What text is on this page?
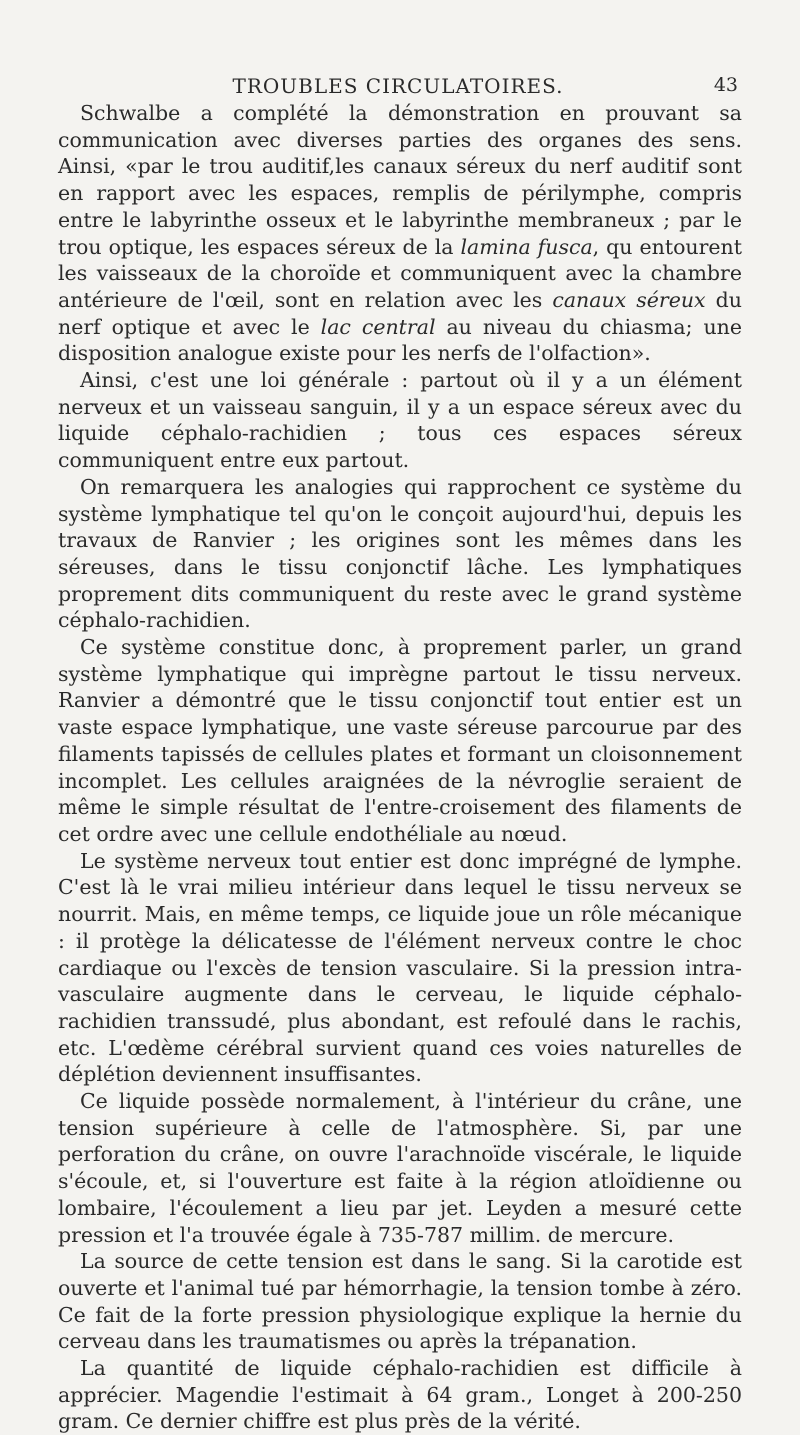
TROUBLES CIRCULATOIRES.	43

Schwalbe a complété la démonstration en prouvant sa communication avec diverses parties des organes des sens. Ainsi, «par le trou auditif,les canaux séreux du nerf auditif sont en rapport avec les espaces, remplis de périlymphe, compris entre le labyrinthe osseux et le labyrinthe membraneux ; par le trou optique, les espaces séreux de la lamina fusca, qu entourent les vaisseaux de la choroïde et communiquent avec la chambre antérieure de l'œil, sont en relation avec les canaux séreux du nerf optique et avec le lac central au niveau du chiasma; une disposition analogue existe pour les nerfs de l'olfaction».

Ainsi, c'est une loi générale : partout où il y a un élément nerveux et un vaisseau sanguin, il y a un espace séreux avec du liquide céphalo-rachidien ; tous ces espaces séreux communiquent entre eux partout.

On remarquera les analogies qui rapprochent ce système du système lymphatique tel qu'on le conçoit aujourd'hui, depuis les travaux de Ranvier ; les origines sont les mêmes dans les séreuses, dans le tissu conjonctif lâche. Les lymphatiques proprement dits communiquent du reste avec le grand système céphalo-rachidien.

Ce système constitue donc, à proprement parler, un grand système lymphatique qui imprègne partout le tissu nerveux. Ranvier a démontré que le tissu conjonctif tout entier est un vaste espace lymphatique, une vaste séreuse parcourue par des filaments tapissés de cellules plates et formant un cloisonnement incomplet. Les cellules araignées de la névroglie seraient de même le simple résultat de l'entre-croisement des filaments de cet ordre avec une cellule endothéliale au nœud.

Le système nerveux tout entier est donc imprégné de lymphe. C'est là le vrai milieu intérieur dans lequel le tissu nerveux se nourrit. Mais, en même temps, ce liquide joue un rôle mécanique : il protège la délicatesse de l'élément nerveux contre le choc cardiaque ou l'excès de tension vasculaire. Si la pression intra-vasculaire augmente dans le cerveau, le liquide céphalo-rachidien transsudé, plus abondant, est refoulé dans le rachis, etc. L'œdème cérébral survient quand ces voies naturelles de déplétion deviennent insuffisantes.

Ce liquide possède normalement, à l'intérieur du crâne, une tension supérieure à celle de l'atmosphère. Si, par une perforation du crâne, on ouvre l'arachnoïde viscérale, le liquide s'écoule, et, si l'ouverture est faite à la région atloïdienne ou lombaire, l'écoulement a lieu par jet. Leyden a mesuré cette pression et l'a trouvée égale à 735-787 millim. de mercure.

La source de cette tension est dans le sang. Si la carotide est ouverte et l'animal tué par hémorrhagie, la tension tombe à zéro. Ce fait de la forte pression physiologique explique la hernie du cerveau dans les traumatismes ou après la trépanation.

La quantité de liquide céphalo-rachidien est difficile à apprécier. Magendie l'estimait à 64 gram., Longet à 200-250 gram. Ce dernier chiffre est plus près de la vérité.
